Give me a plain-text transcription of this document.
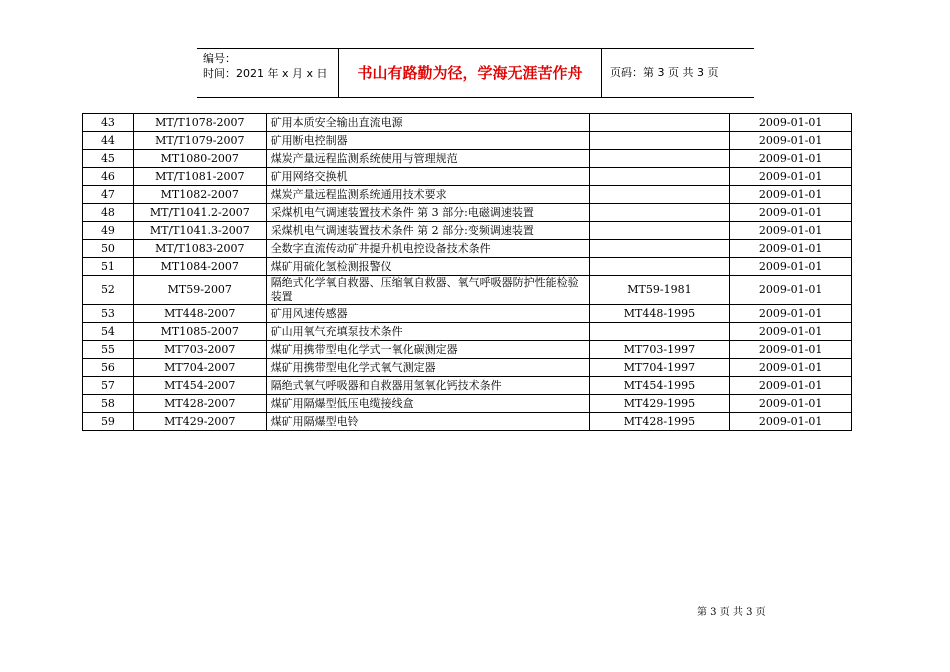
编号：
时间：2021 年 x 月 x 日	书山有路勤为径，学海无涯苦作舟	页码：第 3 页 共 3 页
43	MT/T1078-2007	矿用本质安全输出直流电源		2009-01-01
44	MT/T1079-2007	矿用断电控制器		2009-01-01
45	MT1080-2007	煤炭产量远程监测系统使用与管理规范		2009-01-01
46	MT/T1081-2007	矿用网络交换机		2009-01-01
47	MT1082-2007	煤炭产量远程监测系统通用技术要求		2009-01-01
48	MT/T1041.2-2007	采煤机电气调速装置技术条件 第 3 部分:电磁调速装置		2009-01-01
49	MT/T1041.3-2007	采煤机电气调速装置技术条件 第 2 部分:变频调速装置		2009-01-01
50	MT/T1083-2007	全数字直流传动矿井提升机电控设备技术条件		2009-01-01
51	MT1084-2007	煤矿用硫化氢检测报警仪		2009-01-01
52	MT59-2007	隔绝式化学氧自救器、压缩氧自救器、氧气呼吸器防护性能检验装置	MT59-1981	2009-01-01
53	MT448-2007	矿用风速传感器	MT448-1995	2009-01-01
54	MT1085-2007	矿山用氧气充填泵技术条件		2009-01-01
55	MT703-2007	煤矿用携带型电化学式一氧化碳测定器	MT703-1997	2009-01-01
56	MT704-2007	煤矿用携带型电化学式氧气测定器	MT704-1997	2009-01-01
57	MT454-2007	隔绝式氧气呼吸器和自救器用氢氧化钙技术条件	MT454-1995	2009-01-01
58	MT428-2007	煤矿用隔爆型低压电缆接线盒	MT429-1995	2009-01-01
59	MT429-2007	煤矿用隔爆型电铃	MT428-1995	2009-01-01
第 3 页 共 3 页
